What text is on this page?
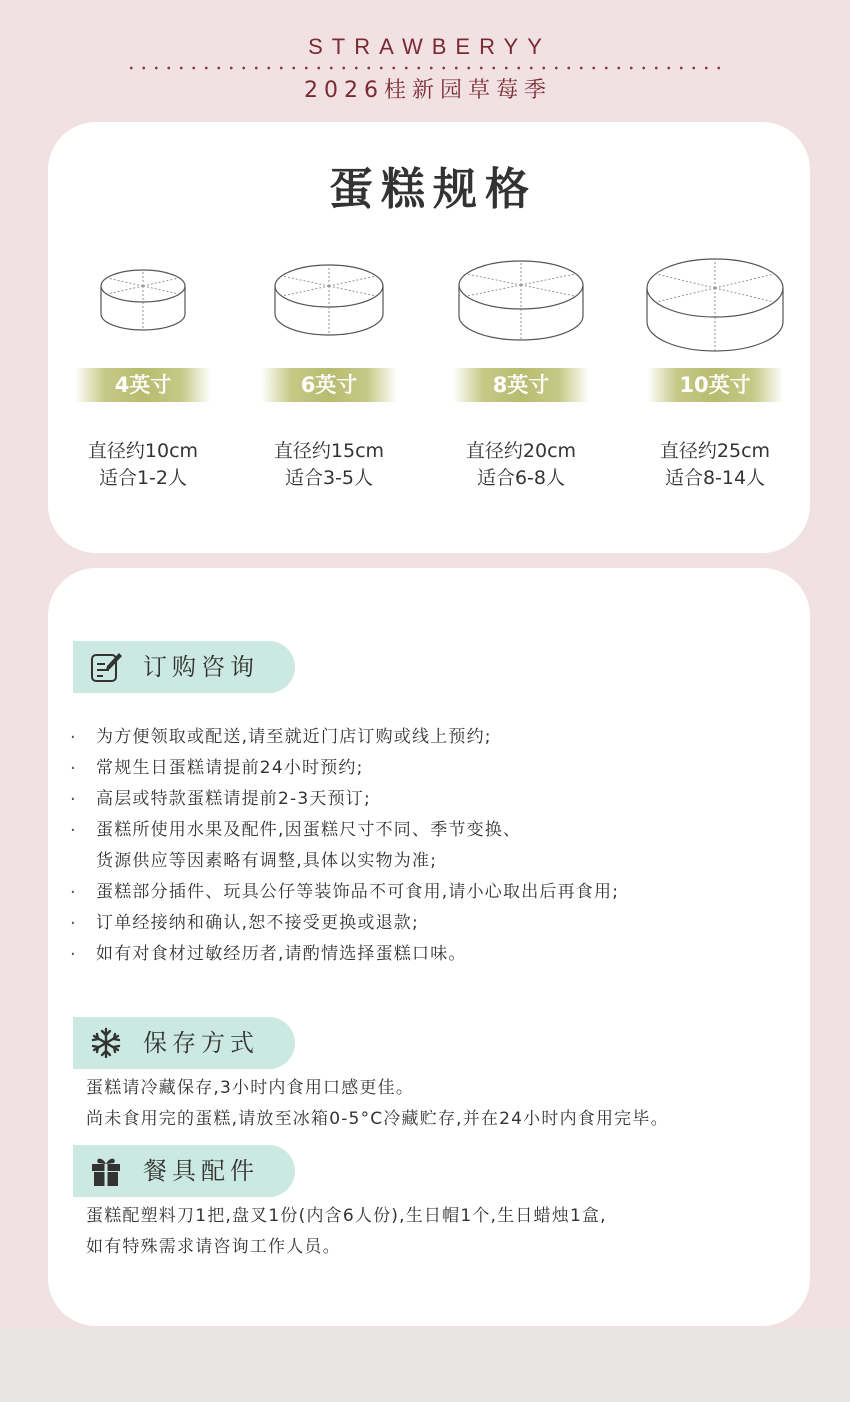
STRAWBERYY
2026桂新园草莓季
蛋糕规格
4英寸
直径约10cm
适合1-2人
6英寸
直径约15cm
适合3-5人
8英寸
直径约20cm
适合6-8人
10英寸
直径约25cm
适合8-14人
订购咨询
· 为方便领取或配送,请至就近门店订购或线上预约;
· 常规生日蛋糕请提前24小时预约;
· 高层或特款蛋糕请提前2-3天预订;
· 蛋糕所使用水果及配件,因蛋糕尺寸不同、季节变换、
货源供应等因素略有调整,具体以实物为准;
· 蛋糕部分插件、玩具公仔等装饰品不可食用,请小心取出后再食用;
· 订单经接纳和确认,恕不接受更换或退款;
· 如有对食材过敏经历者,请酌情选择蛋糕口味。
保存方式
蛋糕请冷藏保存,3小时内食用口感更佳。
尚未食用完的蛋糕,请放至冰箱0-5°C冷藏贮存,并在24小时内食用完毕。
餐具配件
蛋糕配塑料刀1把,盘叉1份(内含6人份),生日帽1个,生日蜡烛1盒,
如有特殊需求请咨询工作人员。
